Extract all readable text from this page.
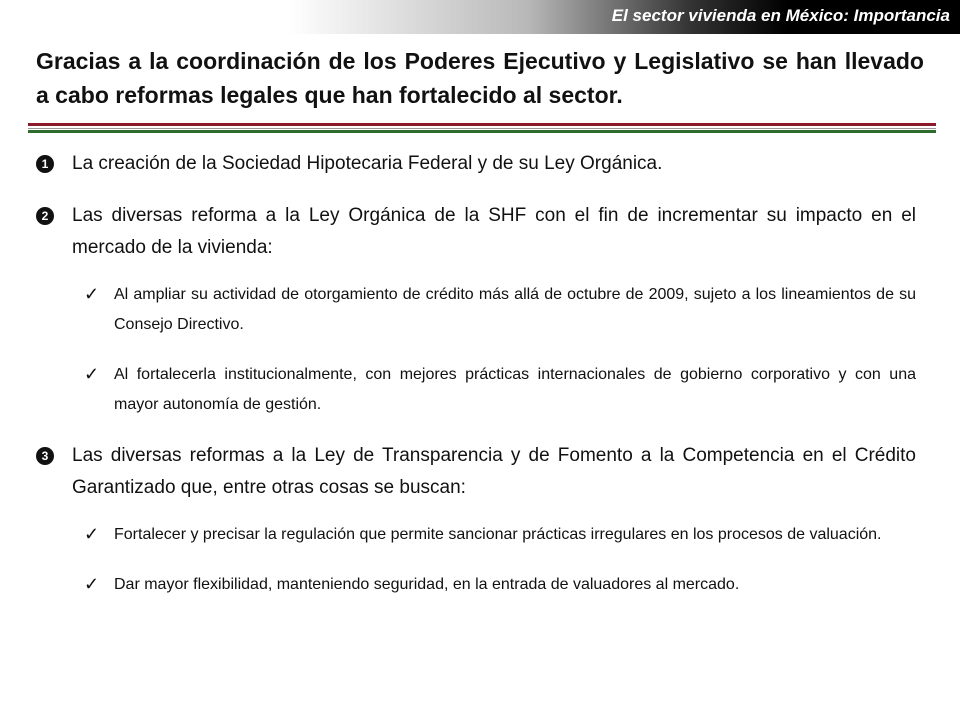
El sector vivienda en México: Importancia
Gracias a la coordinación de los Poderes Ejecutivo y Legislativo se han llevado a cabo reformas legales que han fortalecido al sector.
1 La creación de la Sociedad Hipotecaria Federal y de su Ley Orgánica.
2 Las diversas reforma a la Ley Orgánica de la SHF con el fin de incrementar su impacto en el mercado de la vivienda:
✓ Al ampliar su actividad de otorgamiento de crédito más allá de octubre de 2009, sujeto a los lineamientos de su Consejo Directivo.
✓ Al fortalecerla institucionalmente, con mejores prácticas internacionales de gobierno corporativo y con una mayor autonomía de gestión.
3 Las diversas reformas a la Ley de Transparencia y de Fomento a la Competencia en el Crédito Garantizado que, entre otras cosas se buscan:
✓ Fortalecer y precisar la regulación que permite sancionar prácticas irregulares en los procesos de valuación.
✓ Dar mayor flexibilidad, manteniendo seguridad, en la entrada de valuadores al mercado.
